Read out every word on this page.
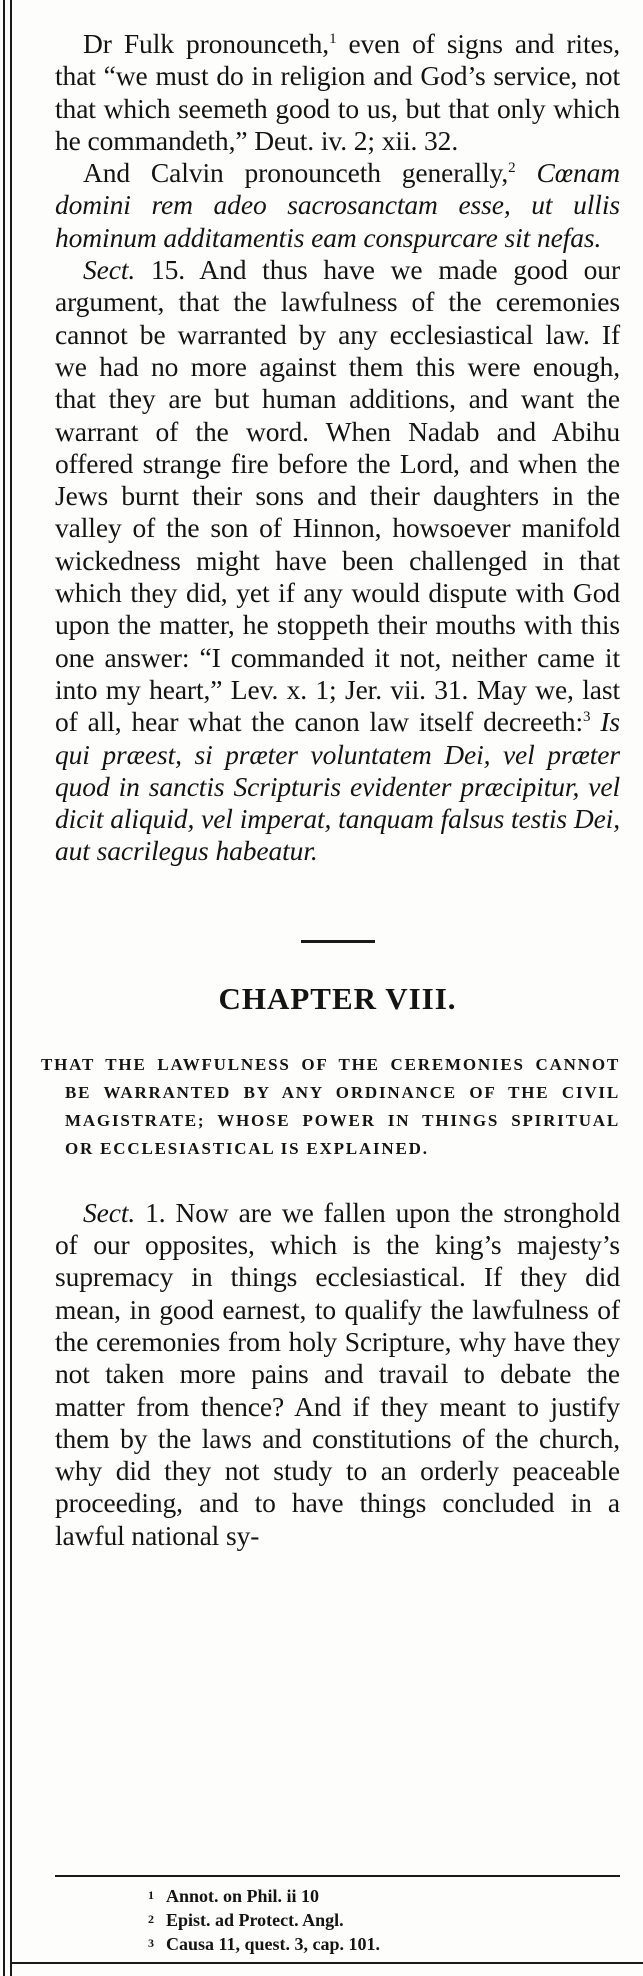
Dr Fulk pronounceth,$^1$ even of signs and rites, that “we must do in religion and God’s service, not that which seemeth good to us, but that only which he commandeth,” Deut. iv. 2; xii. 32.

And Calvin pronounceth generally,$^2$ Cœnam domini rem adeo sacrosanctam esse, ut ullis hominum additamentis eam conspurcare sit nefas.

Sect. 15. And thus have we made good our argument, that the lawfulness of the ceremonies cannot be warranted by any ecclesiastical law. If we had no more against them this were enough, that they are but human additions, and want the warrant of the word. When Nadab and Abihu offered strange fire before the Lord, and when the Jews burnt their sons and their daughters in the valley of the son of Hinnon, howsoever manifold wickedness might have been challenged in that which they did, yet if any would dispute with God upon the matter, he stoppeth their mouths with this one answer: “I commanded it not, neither came it into my heart,” Lev. x. 1; Jer. vii. 31. May we, last of all, hear what the canon law itself decreeth:$^3$ Is qui præest, si præter voluntatem Dei, vel præter quod in sanctis Scripturis evidenter præcipitur, vel dicit aliquid, vel imperat, tanquam falsus testis Dei, aut sacrilegus habeatur.

CHAPTER VIII.
THAT THE LAWFULNESS OF THE CEREMONIES CANNOT BE WARRANTED BY ANY ORDINANCE OF THE CIVIL MAGISTRATE; WHOSE POWER IN THINGS SPIRITUAL OR ECCLESIASTICAL IS EXPLAINED.

Sect. 1. Now are we fallen upon the stronghold of our opposites, which is the king’s majesty’s supremacy in things ecclesiastical. If they did mean, in good earnest, to qualify the lawfulness of the ceremonies from holy Scripture, why have they not taken more pains and travail to debate the matter from thence? And if they meant to justify them by the laws and constitutions of the church, why did they not study to an orderly peaceable proceeding, and to have things concluded in a lawful national sy-

1 Annot. on Phil. ii 10
2 Epist. ad Protect. Angl.
3 Causa 11, quest. 3, cap. 101.
